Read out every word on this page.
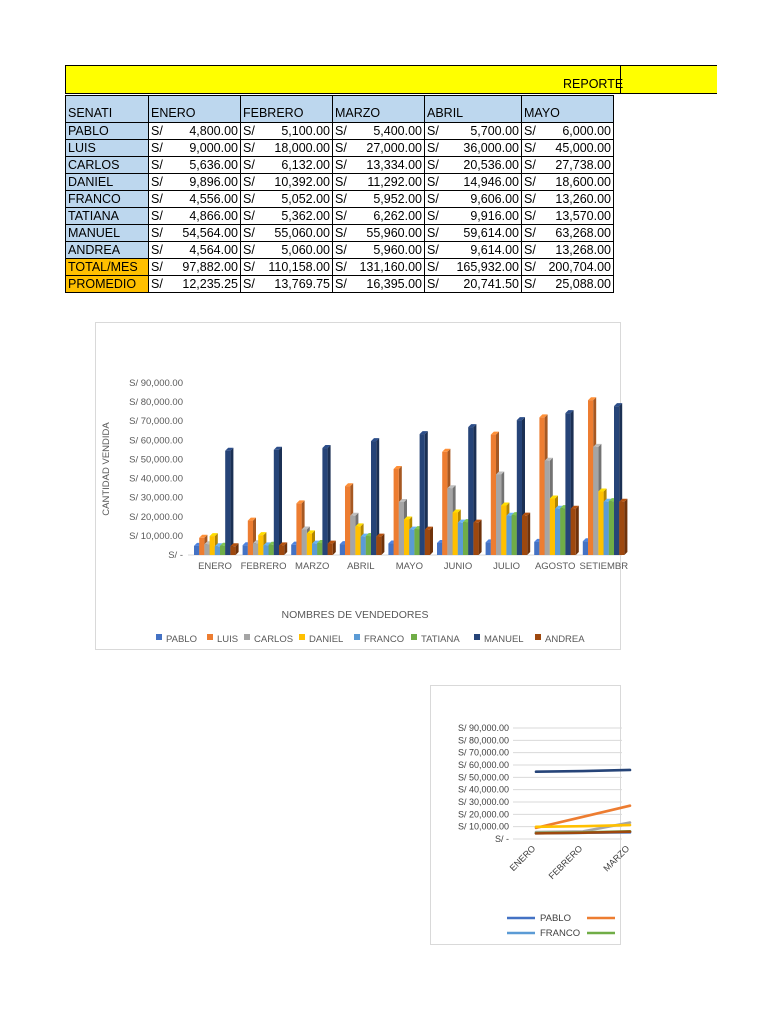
REPORTE
SENATI	ENERO	FEBRERO	MARZO	ABRIL	MAYO
PABLO	S/ 4,800.00	S/ 5,100.00	S/ 5,400.00	S/ 5,700.00	S/ 6,000.00

LUIS	S/ 9,000.00	S/ 18,000.00	S/ 27,000.00	S/ 36,000.00	S/ 45,000.00

CARLOS	S/ 5,636.00	S/ 6,132.00	S/ 13,334.00	S/ 20,536.00	S/ 27,738.00

DANIEL	S/ 9,896.00	S/ 10,392.00	S/ 11,292.00	S/ 14,946.00	S/ 18,600.00

FRANCO	S/ 4,556.00	S/ 5,052.00	S/ 5,952.00	S/ 9,606.00	S/ 13,260.00

TATIANA	S/ 4,866.00	S/ 5,362.00	S/ 6,262.00	S/ 9,916.00	S/ 13,570.00

MANUEL	S/ 54,564.00	S/ 55,060.00	S/ 55,960.00	S/ 59,614.00	S/ 63,268.00

ANDREA	S/ 4,564.00	S/ 5,060.00	S/ 5,960.00	S/ 9,614.00	S/ 13,268.00

TOTAL/MES	S/ 97,882.00	S/ 110,158.00	S/ 131,160.00	S/ 165,932.00	S/ 200,704.00

PROMEDIO	S/ 12,235.25	S/ 13,769.75	S/ 16,395.00	S/ 20,741.50	S/ 25,088.00
S/ -
S/ 10,000.00
S/ 20,000.00
S/ 30,000.00
S/ 40,000.00
S/ 50,000.00
S/ 60,000.00
S/ 70,000.00
S/ 80,000.00
S/ 90,000.00
CANTIDAD VENDIDA
ENERO FEBRERO MARZO ABRIL MAYO JUNIO JULIO AGOSTO SETIEMBR
NOMBRES DE VENDEDORES
PABLO LUIS CARLOS DANIEL FRANCO TATIANA	MANUEL ANDREA
S/ -
S/ 10,000.00
S/ 20,000.00
S/ 30,000.00
S/ 40,000.00
S/ 50,000.00
S/ 60,000.00
S/ 70,000.00
S/ 80,000.00
S/ 90,000.00
ENERO FEBRERO MARZO
PABLO
FRANCO
